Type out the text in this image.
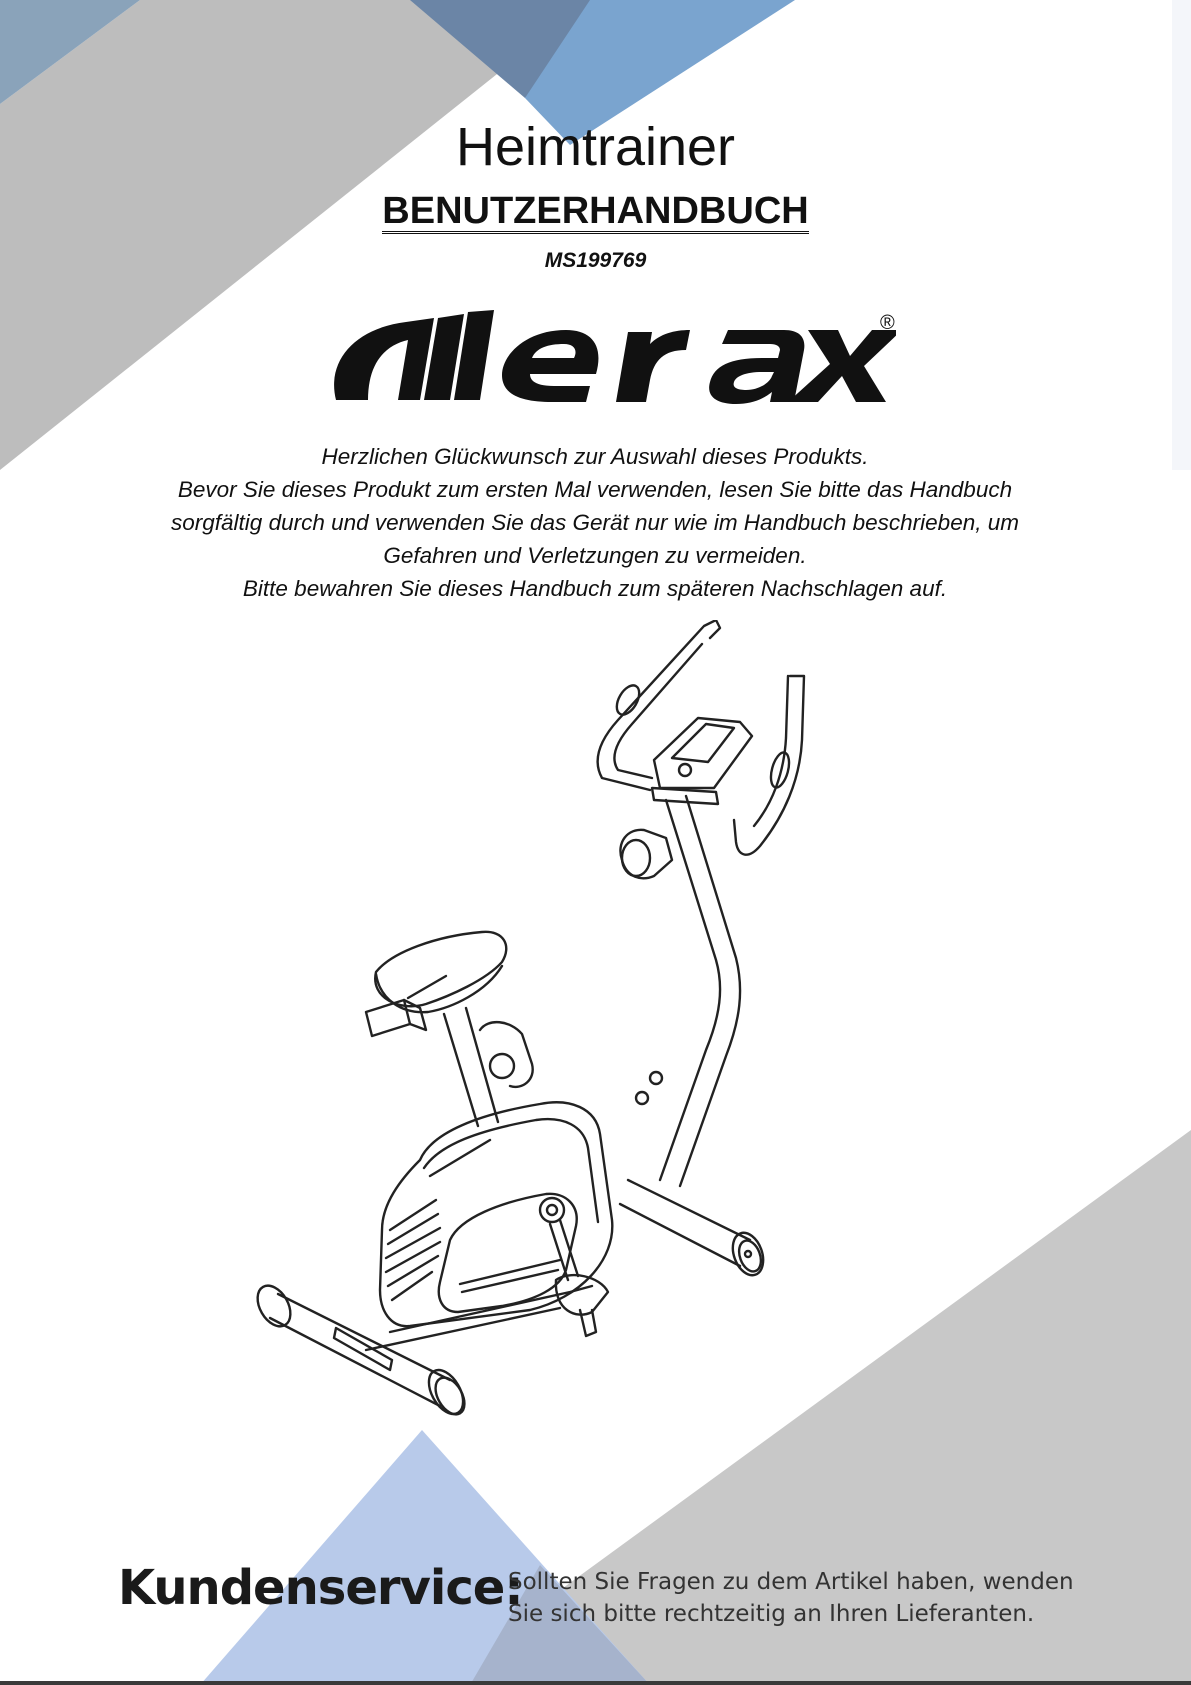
Heimtrainer
BENUTZERHANDBUCH
MS199769
®
Herzlichen Glückwunsch zur Auswahl dieses Produkts.
Bevor Sie dieses Produkt zum ersten Mal verwenden, lesen Sie bitte das Handbuch
sorgfältig durch und verwenden Sie das Gerät nur wie im Handbuch beschrieben, um
Gefahren und Verletzungen zu vermeiden.
Bitte bewahren Sie dieses Handbuch zum späteren Nachschlagen auf.
Kundenservice:
Sollten Sie Fragen zu dem Artikel haben, wenden
Sie sich bitte rechtzeitig an Ihren Lieferanten.
